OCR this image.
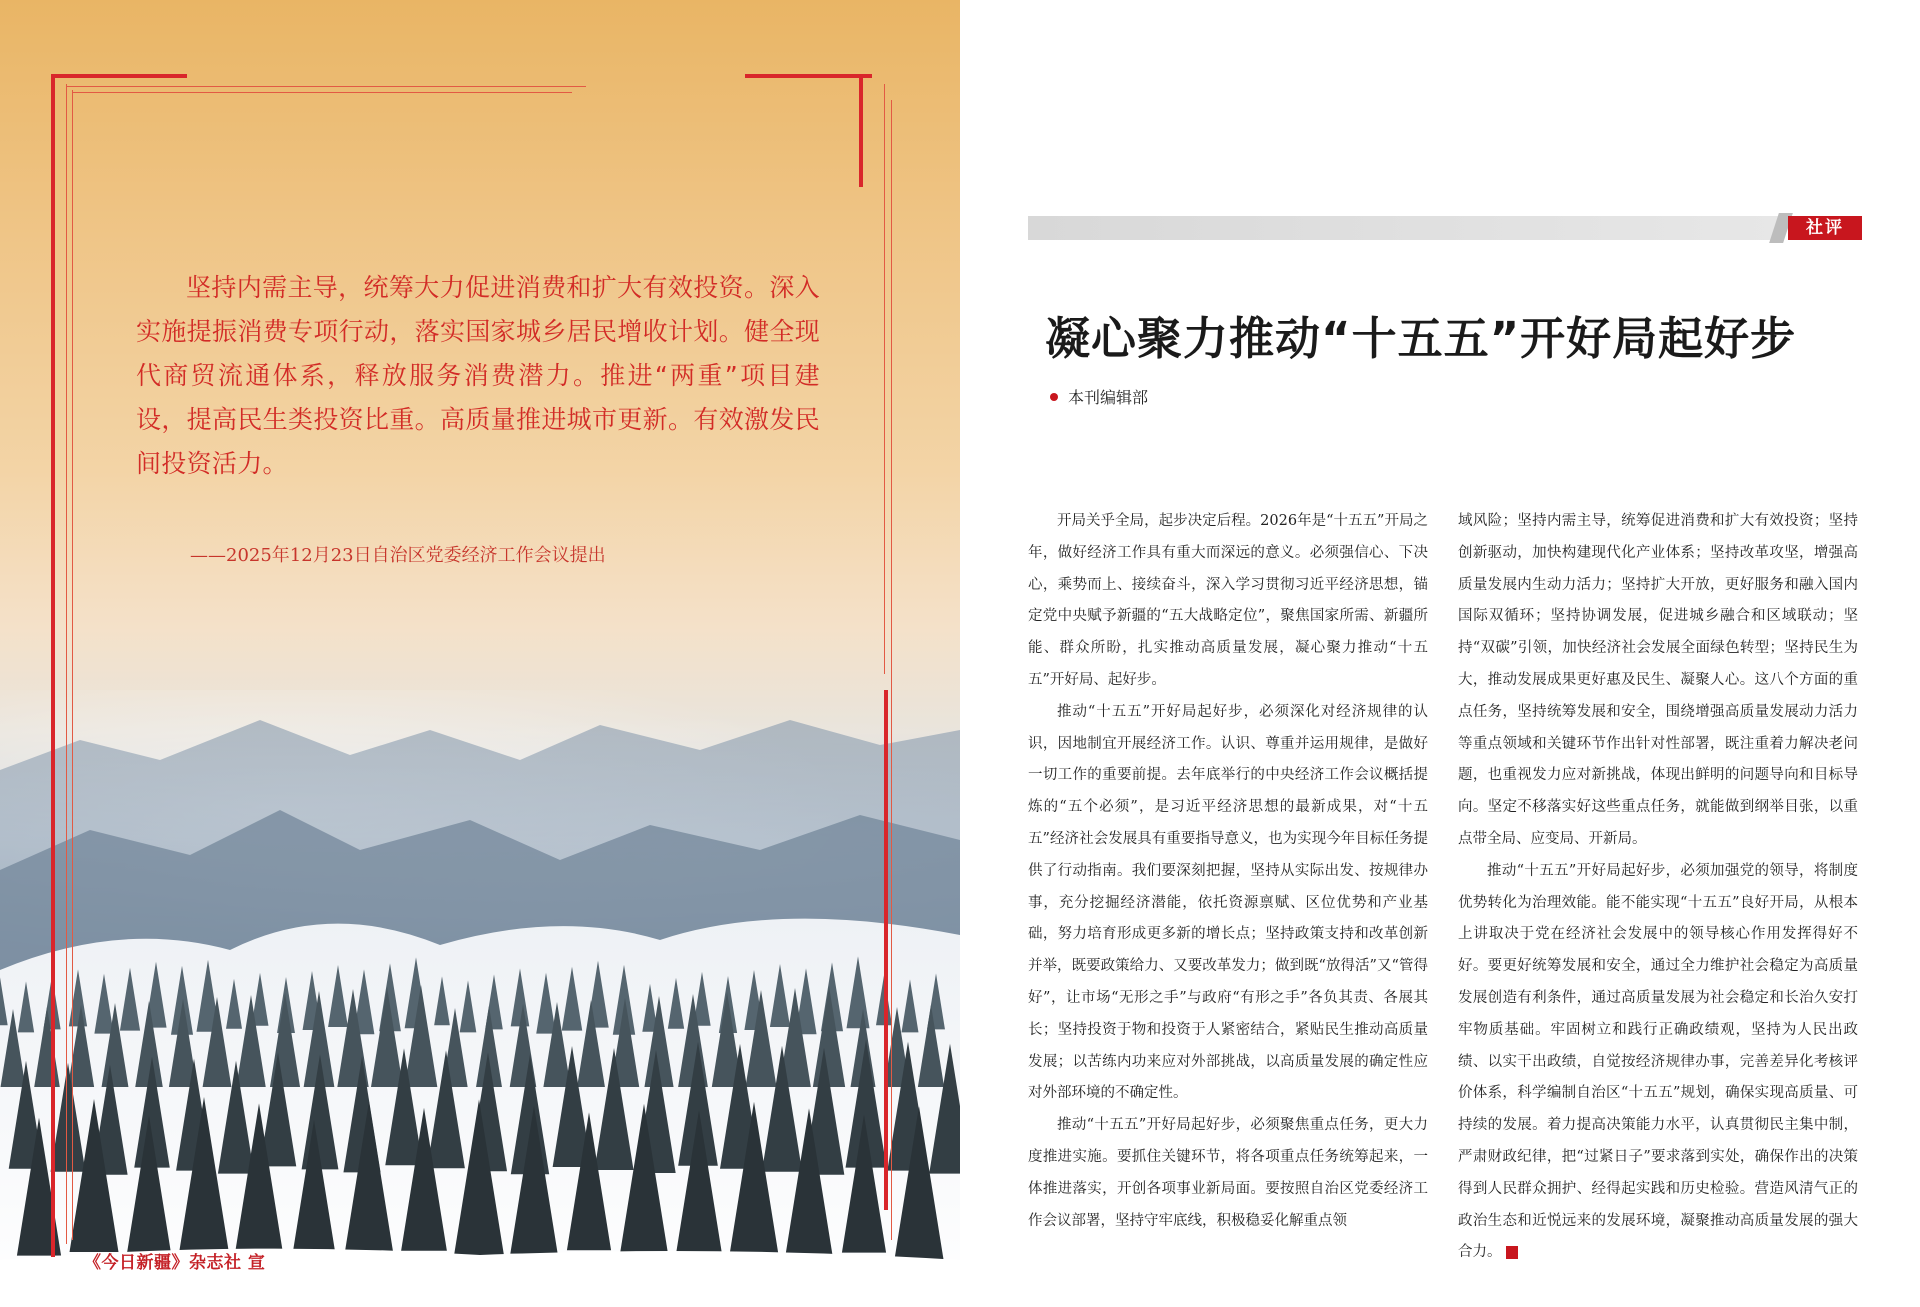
坚持内需主导，统筹大力促进消费和扩大有效投资。深入实施提振消费专项行动，落实国家城乡居民增收计划。健全现代商贸流通体系，释放服务消费潜力。推进“两重”项目建设，提高民生类投资比重。高质量推进城市更新。有效激发民间投资活力。

——2025年12月23日自治区党委经济工作会议提出

《今日新疆》杂志社 宣
社评
凝心聚力推动“十五五”开好局起好步
本刊编辑部

开局关乎全局，起步决定后程。2026年是“十五五”开局之年，做好经济工作具有重大而深远的意义。必须强信心、下决心，乘势而上、接续奋斗，深入学习贯彻习近平经济思想，锚定党中央赋予新疆的“五大战略定位”，聚焦国家所需、新疆所能、群众所盼，扎实推动高质量发展，凝心聚力推动“十五五”开好局、起好步。

推动“十五五”开好局起好步，必须深化对经济规律的认识，因地制宜开展经济工作。认识、尊重并运用规律，是做好一切工作的重要前提。去年底举行的中央经济工作会议概括提炼的“五个必须”，是习近平经济思想的最新成果，对“十五五”经济社会发展具有重要指导意义，也为实现今年目标任务提供了行动指南。我们要深刻把握，坚持从实际出发、按规律办事，充分挖掘经济潜能，依托资源禀赋、区位优势和产业基础，努力培育形成更多新的增长点；坚持政策支持和改革创新并举，既要政策给力、又要改革发力；做到既“放得活”又“管得好”，让市场“无形之手”与政府“有形之手”各负其责、各展其长；坚持投资于物和投资于人紧密结合，紧贴民生推动高质量发展；以苦练内功来应对外部挑战，以高质量发展的确定性应对外部环境的不确定性。

推动“十五五”开好局起好步，必须聚焦重点任务，更大力度推进实施。要抓住关键环节，将各项重点任务统筹起来，一体推进落实，开创各项事业新局面。要按照自治区党委经济工作会议部署，坚持守牢底线，积极稳妥化解重点领

域风险；坚持内需主导，统筹促进消费和扩大有效投资；坚持创新驱动，加快构建现代化产业体系；坚持改革攻坚，增强高质量发展内生动力活力；坚持扩大开放，更好服务和融入国内国际双循环；坚持协调发展，促进城乡融合和区域联动；坚持“双碳”引领，加快经济社会发展全面绿色转型；坚持民生为大，推动发展成果更好惠及民生、凝聚人心。这八个方面的重点任务，坚持统筹发展和安全，围绕增强高质量发展动力活力等重点领域和关键环节作出针对性部署，既注重着力解决老问题，也重视发力应对新挑战，体现出鲜明的问题导向和目标导向。坚定不移落实好这些重点任务，就能做到纲举目张，以重点带全局、应变局、开新局。

推动“十五五”开好局起好步，必须加强党的领导，将制度优势转化为治理效能。能不能实现“十五五”良好开局，从根本上讲取决于党在经济社会发展中的领导核心作用发挥得好不好。要更好统筹发展和安全，通过全力维护社会稳定为高质量发展创造有利条件，通过高质量发展为社会稳定和长治久安打牢物质基础。牢固树立和践行正确政绩观，坚持为人民出政绩、以实干出政绩，自觉按经济规律办事，完善差异化考核评价体系，科学编制自治区“十五五”规划，确保实现高质量、可持续的发展。着力提高决策能力水平，认真贯彻民主集中制，严肃财政纪律，把“过紧日子”要求落到实处，确保作出的决策得到人民群众拥护、经得起实践和历史检验。营造风清气正的政治生态和近悦远来的发展环境，凝聚推动高质量发展的强大合力。
